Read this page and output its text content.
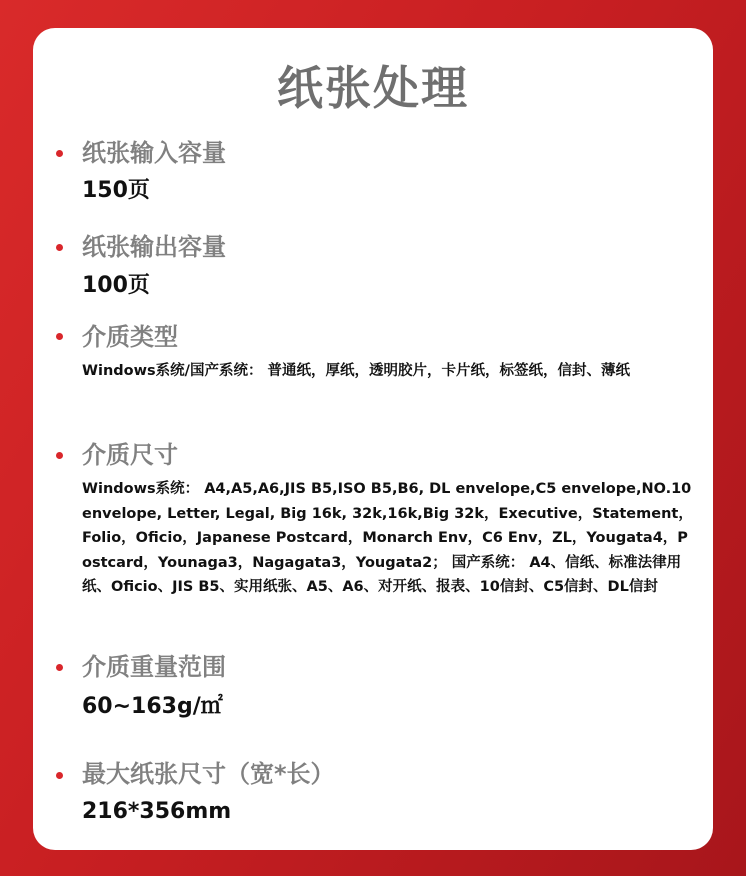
纸张处理
纸张输入容量
150页
纸张输出容量
100页
介质类型
Windows系统/国产系统： 普通纸，厚纸，透明胶片，卡片纸，标签纸，信封、薄纸
介质尺寸
Windows系统： A4,A5,A6,JIS B5,ISO B5,B6, DL envelope,C5 envelope,NO.10 envelope, Letter, Legal, Big 16k, 32k,16k,Big 32k，Executive，Statement，Folio，Oficio，Japanese Postcard，Monarch Env，C6 Env，ZL，Yougata4，Postcard，Younaga3，Nagagata3，Yougata2； 国产系统： A4、信纸、标准法律用纸、Oficio、JIS B5、实用纸张、A5、A6、对开纸、报表、10信封、C5信封、DL信封
介质重量范围
60~163g/㎡
最大纸张尺寸（宽*长）
216*356mm
